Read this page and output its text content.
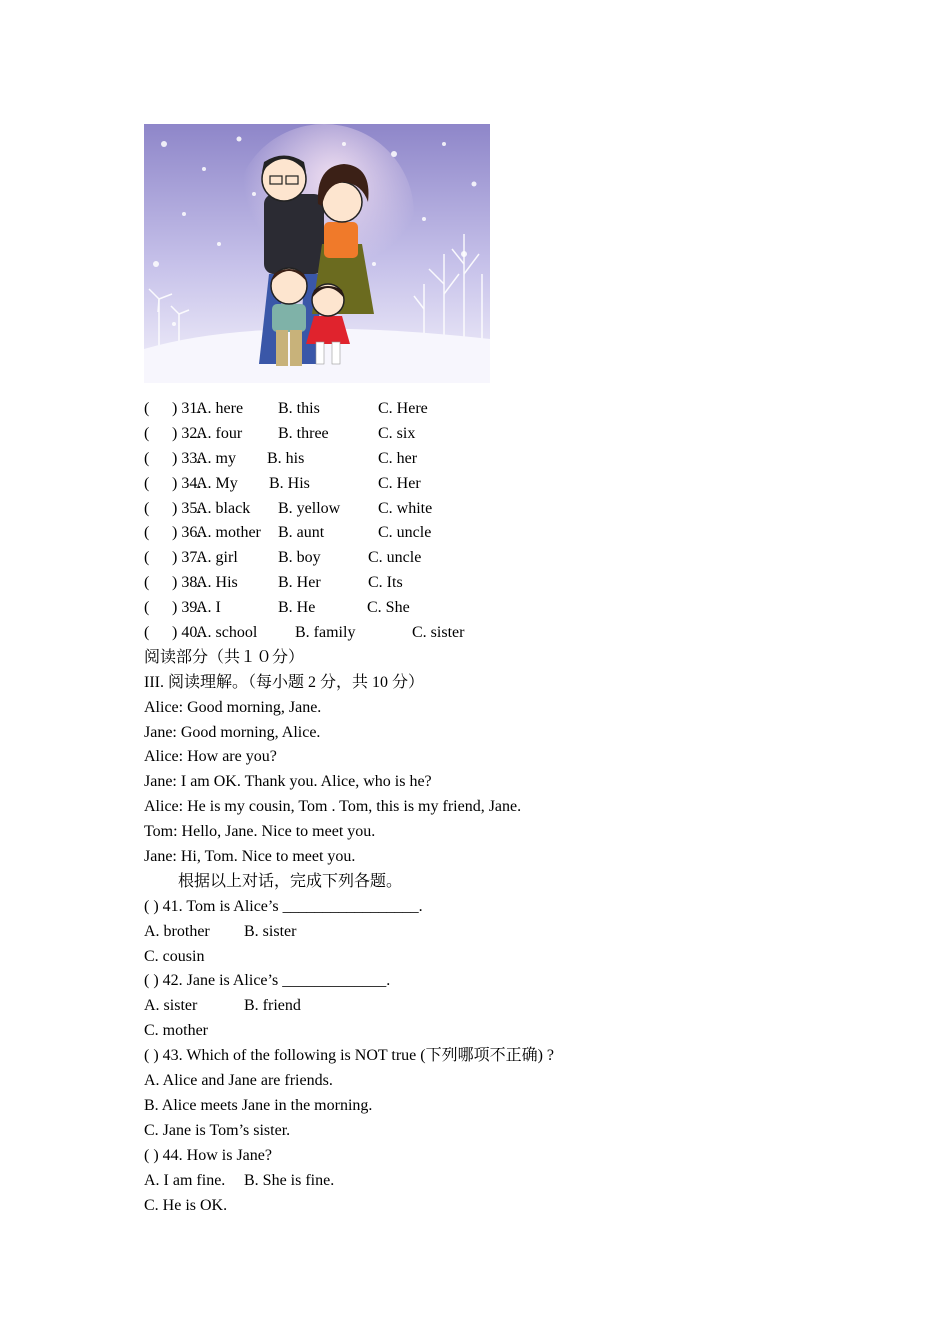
( ) 31.
A. here B. this	C. Here
( ) 32.
A. four B. three	C. six
( ) 33.
A. my B. his	C. her
( ) 34.
A. My B. His	C. Her
( ) 35.
A. black B. yellow C. white
( ) 36.
A. mother B. aunt	C. uncle
( ) 37.
A. girl	B. boy	C. uncle
( ) 38.
A. His	B. Her	C. Its
( ) 39.
A. I	B. He	C. She
( ) 40.
A. school B. family	C. sister
阅读部分（共１０分）
III. 阅读理解。（每小题 2 分，共 10 分）
Alice: Good morning, Jane.
Jane: Good morning, Alice.
Alice: How are you?
Jane: I am OK. Thank you. Alice, who is he?
Alice: He is my cousin, Tom . Tom, this is my friend, Jane.
Tom: Hello, Jane. Nice to meet you.
Jane: Hi, Tom. Nice to meet you.
根据以上对话，完成下列各题。
( ) 41. Tom is Alice’s _________________.
A. brother B. sister
C. cousin
( ) 42. Jane is Alice’s _____________.
A. sister	B. friend
C. mother
( ) 43. Which of the following is NOT true (下列哪项不正确) ?
A. Alice and Jane are friends.
B. Alice meets Jane in the morning.
C. Jane is Tom’s sister.
( ) 44. How is Jane?
A. I am fine. B. She is fine.
C. He is OK.
